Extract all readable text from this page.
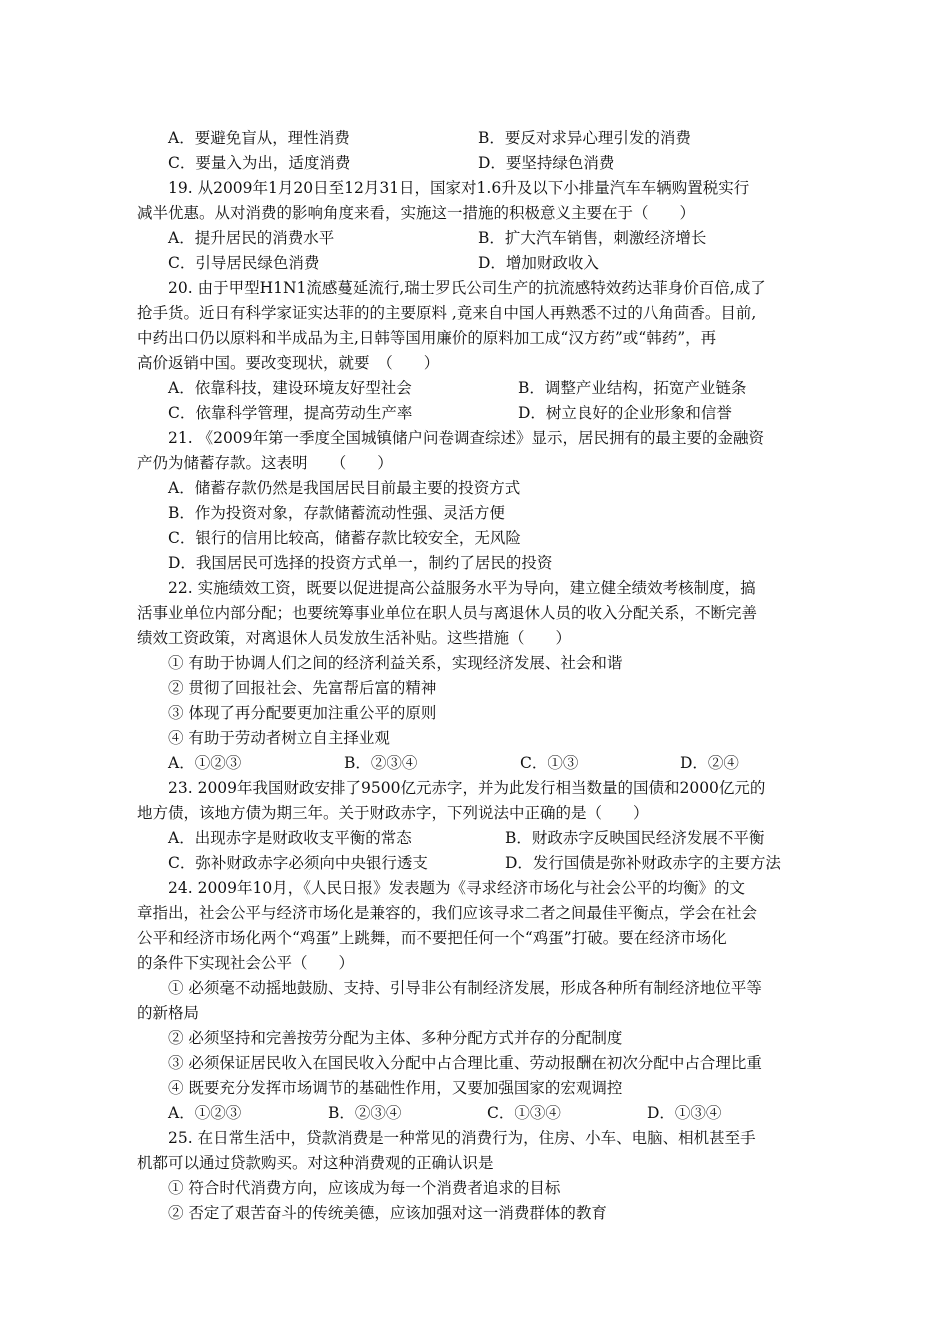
A．要避免盲从，理性消费	B．要反对求异心理引发的消费
C．要量入为出，适度消费	D．要坚持绿色消费
19. 从2009年1月20日至12月31日，国家对1.6升及以下小排量汽车车辆购置税实行
减半优惠。从对消费的影响角度来看，实施这一措施的积极意义主要在于（　　）
A．提升居民的消费水平	B．扩大汽车销售，刺激经济增长
C．引导居民绿色消费	D．增加财政收入
20. 由于甲型H1N1流感蔓延流行,瑞士罗氏公司生产的抗流感特效药达菲身价百倍,成了
抢手货。近日有科学家证实达菲的的主要原料 ,竟来自中国人再熟悉不过的八角茴香。目前,
中药出口仍以原料和半成品为主,日韩等国用廉价的原料加工成“汉方药”或“韩药”，再
高价返销中国。要改变现状，就要　（　　）
A．依靠科技，建设环境友好型社会	B．调整产业结构，拓宽产业链条
C．依靠科学管理，提高劳动生产率	D．树立良好的企业形象和信誉
21. 《2009年第一季度全国城镇储户问卷调查综述》显示，居民拥有的最主要的金融资
产仍为储蓄存款。这表明　　（　　）
A．储蓄存款仍然是我国居民目前最主要的投资方式
B．作为投资对象，存款储蓄流动性强、灵活方便
C．银行的信用比较高，储蓄存款比较安全，无风险
D．我国居民可选择的投资方式单一，制约了居民的投资
22. 实施绩效工资，既要以促进提高公益服务水平为导向，建立健全绩效考核制度，搞
活事业单位内部分配；也要统筹事业单位在职人员与离退休人员的收入分配关系，不断完善
绩效工资政策，对离退休人员发放生活补贴。这些措施（　　）
① 有助于协调人们之间的经济利益关系，实现经济发展、社会和谐
② 贯彻了回报社会、先富帮后富的精神
③ 体现了再分配要更加注重公平的原则
④ 有助于劳动者树立自主择业观
A．①②③	B．②③④	C．①③	D．②④
23. 2009年我国财政安排了9500亿元赤字，并为此发行相当数量的国债和2000亿元的
地方债，该地方债为期三年。关于财政赤字，下列说法中正确的是（　　）
A．出现赤字是财政收支平衡的常态	B．财政赤字反映国民经济发展不平衡
C．弥补财政赤字必须向中央银行透支	D．发行国债是弥补财政赤字的主要方法
24. 2009年10月，《人民日报》发表题为《寻求经济市场化与社会公平的均衡》的文
章指出，社会公平与经济市场化是兼容的，我们应该寻求二者之间最佳平衡点，学会在社会
公平和经济市场化两个“鸡蛋”上跳舞，而不要把任何一个“鸡蛋”打破。要在经济市场化
的条件下实现社会公平（　　）
① 必须毫不动摇地鼓励、支持、引导非公有制经济发展，形成各种所有制经济地位平等
的新格局
② 必须坚持和完善按劳分配为主体、多种分配方式并存的分配制度
③ 必须保证居民收入在国民收入分配中占合理比重、劳动报酬在初次分配中占合理比重
④ 既要充分发挥市场调节的基础性作用，又要加强国家的宏观调控
A．①②③	B．②③④	C．①③④	D．①③④
25. 在日常生活中，贷款消费是一种常见的消费行为，住房、小车、电脑、相机甚至手
机都可以通过贷款购买。对这种消费观的正确认识是
① 符合时代消费方向，应该成为每一个消费者追求的目标
② 否定了艰苦奋斗的传统美德，应该加强对这一消费群体的教育
